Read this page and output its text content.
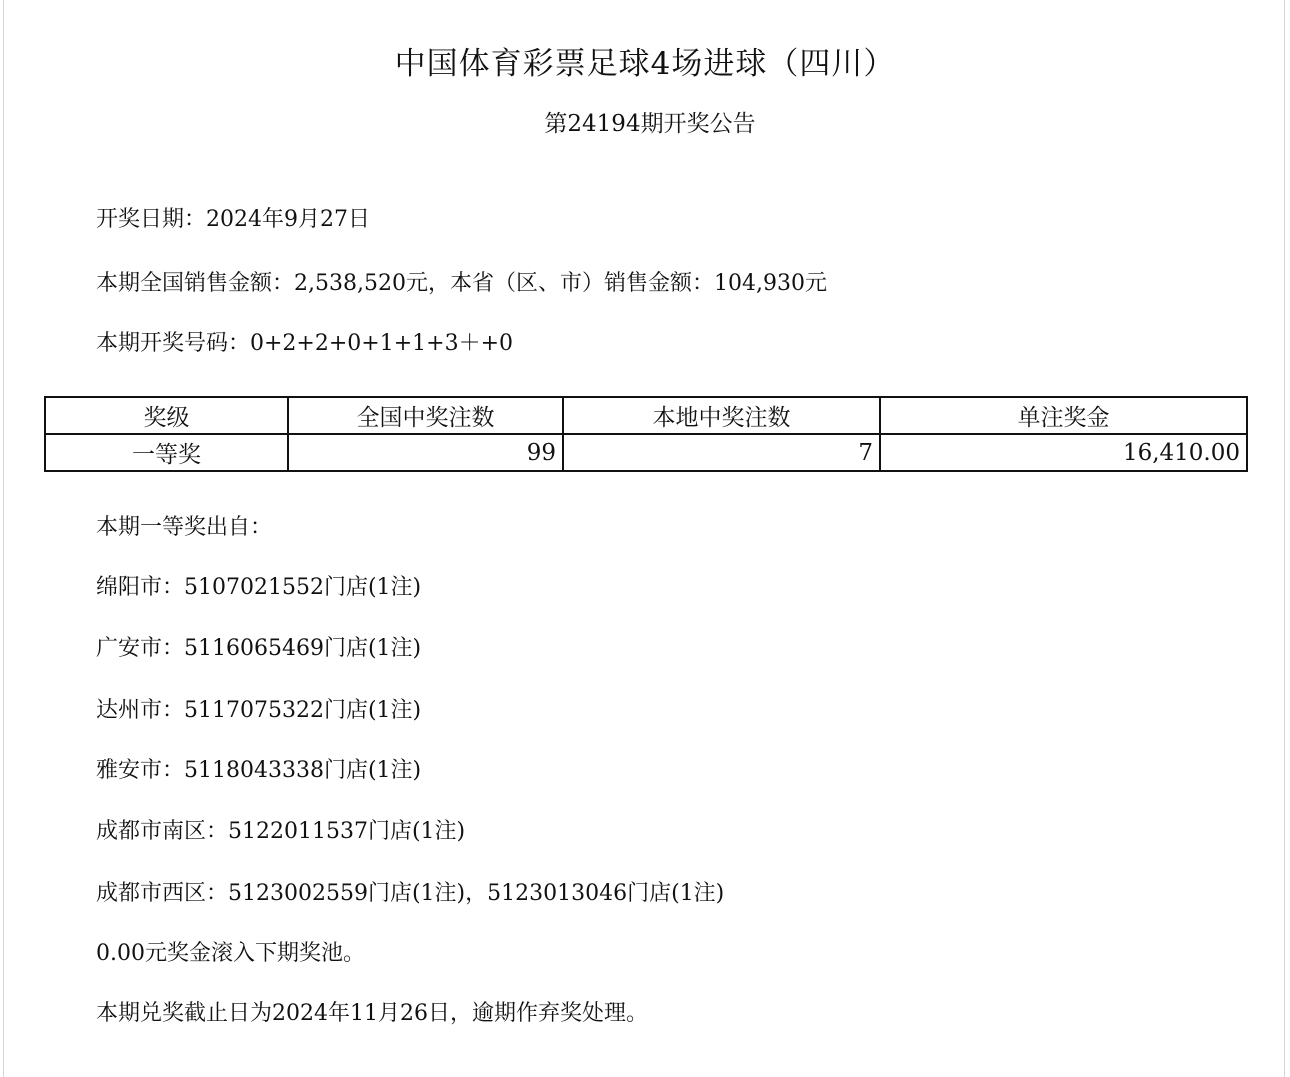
中国体育彩票足球4场进球（四川）
第24194期开奖公告
开奖日期：2024年9月27日
本期全国销售金额：2,538,520元，本省（区、市）销售金额：104,930元
本期开奖号码：0+2+2+0+1+1+3＋+0
奖级	全国中奖注数	本地中奖注数	单注奖金
一等奖	99	7	16,410.00
本期一等奖出自：
绵阳市：5107021552门店(1注)
广安市：5116065469门店(1注)
达州市：5117075322门店(1注)
雅安市：5118043338门店(1注)
成都市南区：5122011537门店(1注)
成都市西区：5123002559门店(1注)，5123013046门店(1注)
0.00元奖金滚入下期奖池。
本期兑奖截止日为2024年11月26日，逾期作弃奖处理。
